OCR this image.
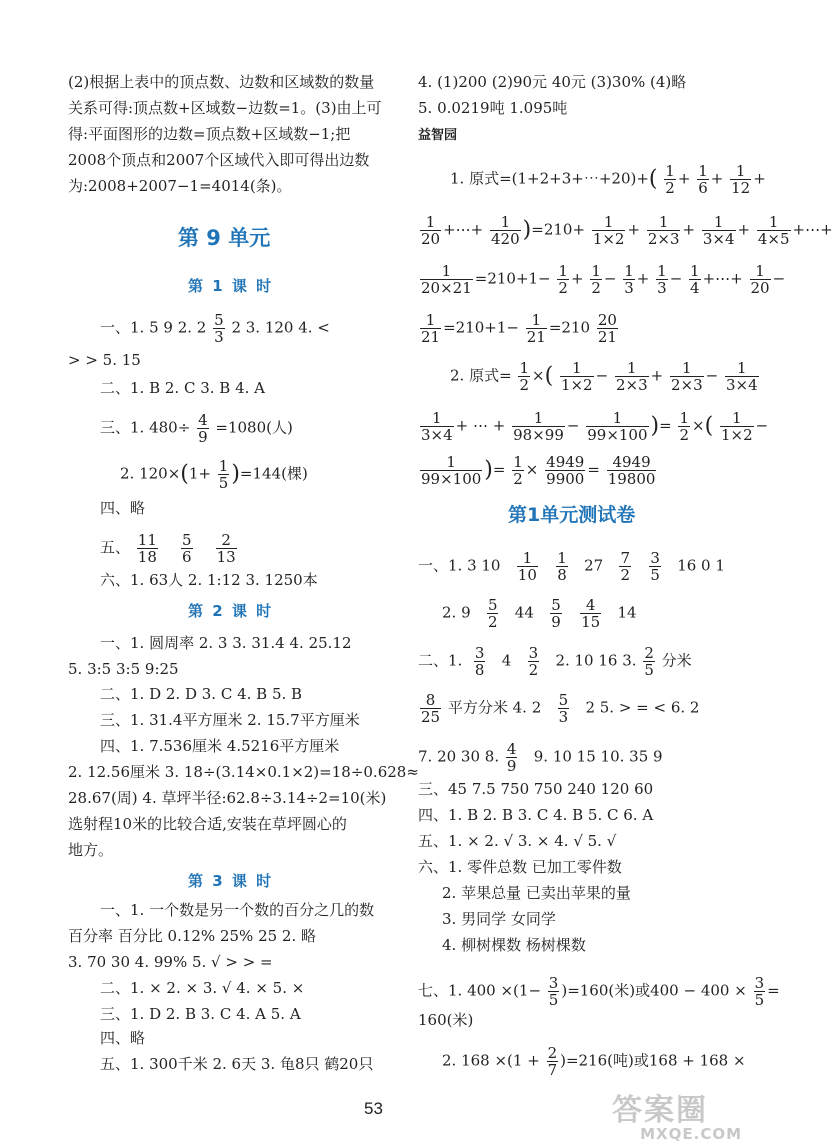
(2)根据上表中的顶点数、边数和区域数的数量
关系可得:顶点数+区域数−边数=1。(3)由上可
得:平面图形的边数=顶点数+区域数−1;把
2008个顶点和2007个区域代入即可得出边数
为:2008+2007−1=4014(条)。
第 9 单元
第 1 课 时
一、1. 5 9 2. $2 \frac{5}{3} 2$ 3. 120 4. <
> > 5. 15
二、1. B 2. C 3. B 4. A
三、1. $480\div \frac{4}{9} =1080$(人)
2. $120\times(1+ \frac{1}{5} )=144$(棵)
四、略
五、 $\frac{11}{18}$
$\frac{5}{6}$
$\frac{2}{13}$
六、1. 63人 2. 1:12 3. 1250本
第 2 课 时
一、1. 圆周率 2. 3 3. 31.4 4. 25.12
5. 3:5 3:5 9:25
二、1. D 2. D 3. C 4. B 5. B
三、1. 31.4平方厘米 2. 15.7平方厘米
四、1. 7.536厘米 4.5216平方厘米
2. 12.56厘米 3. 18÷(3.14×0.1×2)=18÷0.628≈
28.67(周) 4. 草坪半径:62.8÷3.14÷2=10(米)
选射程10米的比较合适,安装在草坪圆心的
地方。
第 3 课 时
一、1. 一个数是另一个数的百分之几的数
百分率 百分比 0.12% 25% 25 2. 略
3. 70 30 4. 99% 5. √ > > =
二、1. × 2. × 3. √ 4. × 5. ×
三、1. D 2. B 3. C 4. A 5. A
四、略
五、1. 300千米 2. 6天 3. 龟8只 鹤20只
4. (1)200 (2)90元 40元 (3)30% (4)略
5. 0.0219吨 1.095吨
益智园
1. 原式=(1+2+3+⋯+20)+( $\frac{1}{2} + \frac{1}{6} + \frac{1}{12}$ +
$\frac{1}{20}$ +⋯+ $\frac{1}{420} )=210+ \frac{1}{1\times 2} + \frac{1}{2\times 3} + \frac{1}{3\times 4} + \frac{1}{4\times 5}$ +⋯+
$\frac{1}{20\times 21} =210+1- \frac{1}{2} + \frac{1}{2} - \frac{1}{3} + \frac{1}{3} - \frac{1}{4}$ +⋯+ $\frac{1}{20}$ −
$\frac{1}{21} =210+1- \frac{1}{21} =210 \frac{20}{21}$
2. 原式= $\frac{1}{2}$ ×( $\frac{1}{1\times 2} - \frac{1}{2\times 3} + \frac{1}{2\times 3} - \frac{1}{3\times 4}$
$\frac{1}{3\times 4}$ + ⋯ + $\frac{1}{98\times 99} - \frac{1}{99\times 100}$ )= $\frac{1}{2}$ ×( $\frac{1}{1\times 2}$ −
$\frac{1}{99\times 100}$ )= $\frac{1}{2} \times \frac{4949}{9900} = \frac{4949}{19800}$
第1单元测试卷
一、1. 3 $10 \frac{1}{10}$
$\frac{1}{8} 27 \frac{7}{2}$
$\frac{3}{5} 16$ 0 1
2. $9 \frac{5}{2} 44 \frac{5}{9}$
$\frac{4}{15} 14$
二、1. $\frac{3}{8} 4 \frac{3}{2} 2$. 10 16 3. $\frac{2}{5}$ 分米
$\frac{8}{25}$ 平方分米 4. $2 \frac{5}{3} 2$ 5. > = < 6. 2
7. 20 30 8. $\frac{4}{9} 9$. 10 15 10. 35 9
三、45 7.5 750 750 240 120 60
四、1. B 2. B 3. C 4. B 5. C 6. A
五、1. × 2. √ 3. × 4. √ 5. √
六、1. 零件总数 已加工零件数
2. 苹果总量 已卖出苹果的量
3. 男同学 女同学
4. 柳树棵数 杨树棵数
七、1. $400 \times(1- \frac{3}{5} )=160$(米)或$400 - 400 \times \frac{3}{5}$ =
160(米)
2. $168 \times(1 + \frac{2}{7} )=216$(吨)或168 + 168 ×
53	答案圈
MXQE.COM
